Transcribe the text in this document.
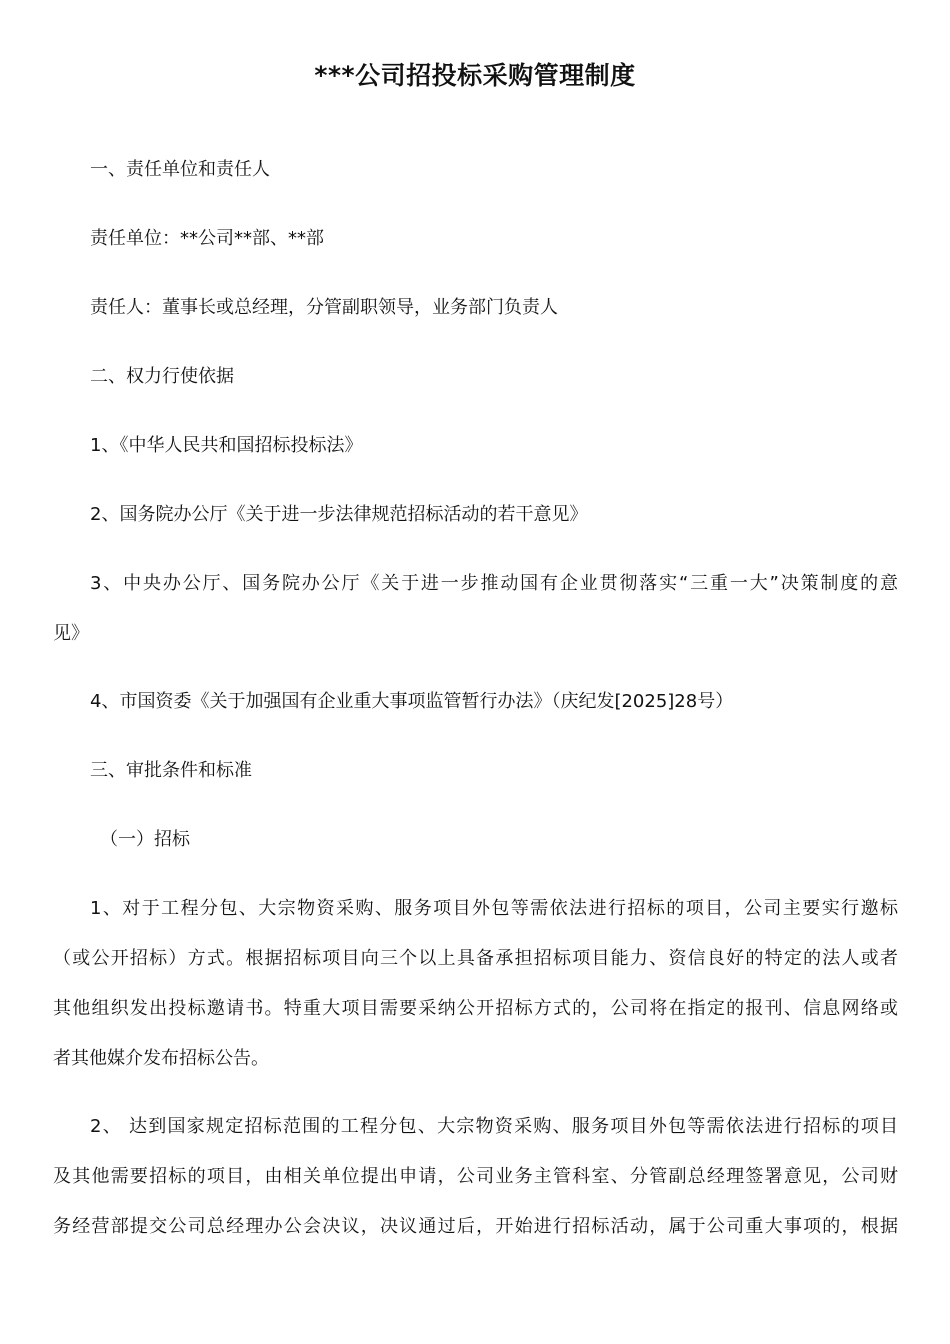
***公司招投标采购管理制度
一、责任单位和责任人
责任单位：**公司**部、**部
责任人：董事长或总经理，分管副职领导，业务部门负责人
二、权力行使依据
1、《中华人民共和国招标投标法》
2、国务院办公厅《关于进一步法律规范招标活动的若干意见》
3、中央办公厅、国务院办公厅《关于进一步推动国有企业贯彻落实“三重一大”决策制度的意
见》
4、市国资委《关于加强国有企业重大事项监管暂行办法》（庆纪发[2025]28号）
三、审批条件和标准
（一）招标
1、对于工程分包、大宗物资采购、服务项目外包等需依法进行招标的项目，公司主要实行邀标
（或公开招标）方式。根据招标项目向三个以上具备承担招标项目能力、资信良好的特定的法人或者
其他组织发出投标邀请书。特重大项目需要采纳公开招标方式的，公司将在指定的报刊、信息网络或
者其他媒介发布招标公告。
2、 达到国家规定招标范围的工程分包、大宗物资采购、服务项目外包等需依法进行招标的项目
及其他需要招标的项目，由相关单位提出申请，公司业务主管科室、分管副总经理签署意见，公司财
务经营部提交公司总经理办公会决议，决议通过后，开始进行招标活动，属于公司重大事项的，根据
